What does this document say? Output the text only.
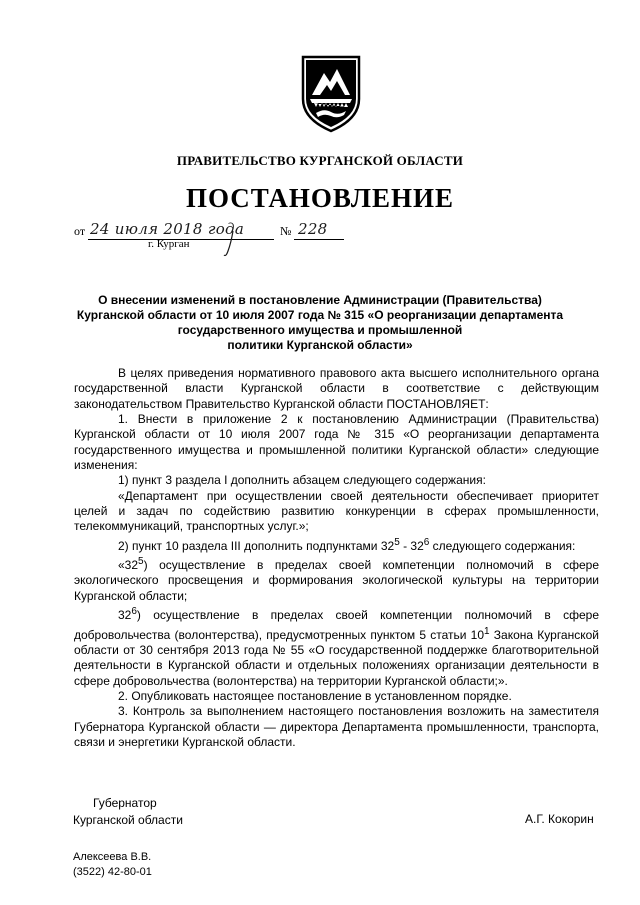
ПРАВИТЕЛЬСТВО КУРГАНСКОЙ ОБЛАСТИ
ПОСТАНОВЛЕНИЕ
от 24 июля 2018 года	№ 228
г. Курган
О внесении изменений в постановление Администрации (Правительства)
Курганской области от 10 июля 2007 года № 315 «О реорганизации департамента
государственного имущества и промышленной
политики Курганской области»

В целях приведения нормативного правового акта высшего исполнительного органа государственной власти Курганской области в соответствие с действующим законодательством Правительство Курганской области ПОСТАНОВЛЯЕТ:

1. Внести в приложение 2 к постановлению Администрации (Правительства) Курганской области от 10 июля 2007 года № 315 «О реорганизации департамента государственного имущества и промышленной политики Курганской области» следующие изменения:

1) пункт 3 раздела I дополнить абзацем следующего содержания:

«Департамент при осуществлении своей деятельности обеспечивает приоритет целей и задач по содействию развитию конкуренции в сферах промышленности, телекоммуникаций, транспортных услуг.»;

2) пункт 10 раздела III дополнить подпунктами $32^5 - 32^6$ следующего содержания:

«$32^5$) осуществление в пределах своей компетенции полномочий в сфере экологического просвещения и формирования экологической культуры на территории Курганской области;

$32^6$) осуществление в пределах своей компетенции полномочий в сфере добровольчества (волонтерства), предусмотренных пунктом 5 статьи $10^1$ Закона Курганской области от 30 сентября 2013 года № 55 «О государственной поддержке благотворительной деятельности в Курганской области и отдельных положениях организации деятельности в сфере добровольчества (волонтерства) на территории Курганской области;».

2. Опубликовать настоящее постановление в установленном порядке.

3. Контроль за выполнением настоящего постановления возложить на заместителя Губернатора Курганской области — директора Департамента промышленности, транспорта, связи и энергетики Курганской области.

Губернатор
Курганской области	А.Г. Кокорин
Алексеева В.В.
(3522) 42-80-01
